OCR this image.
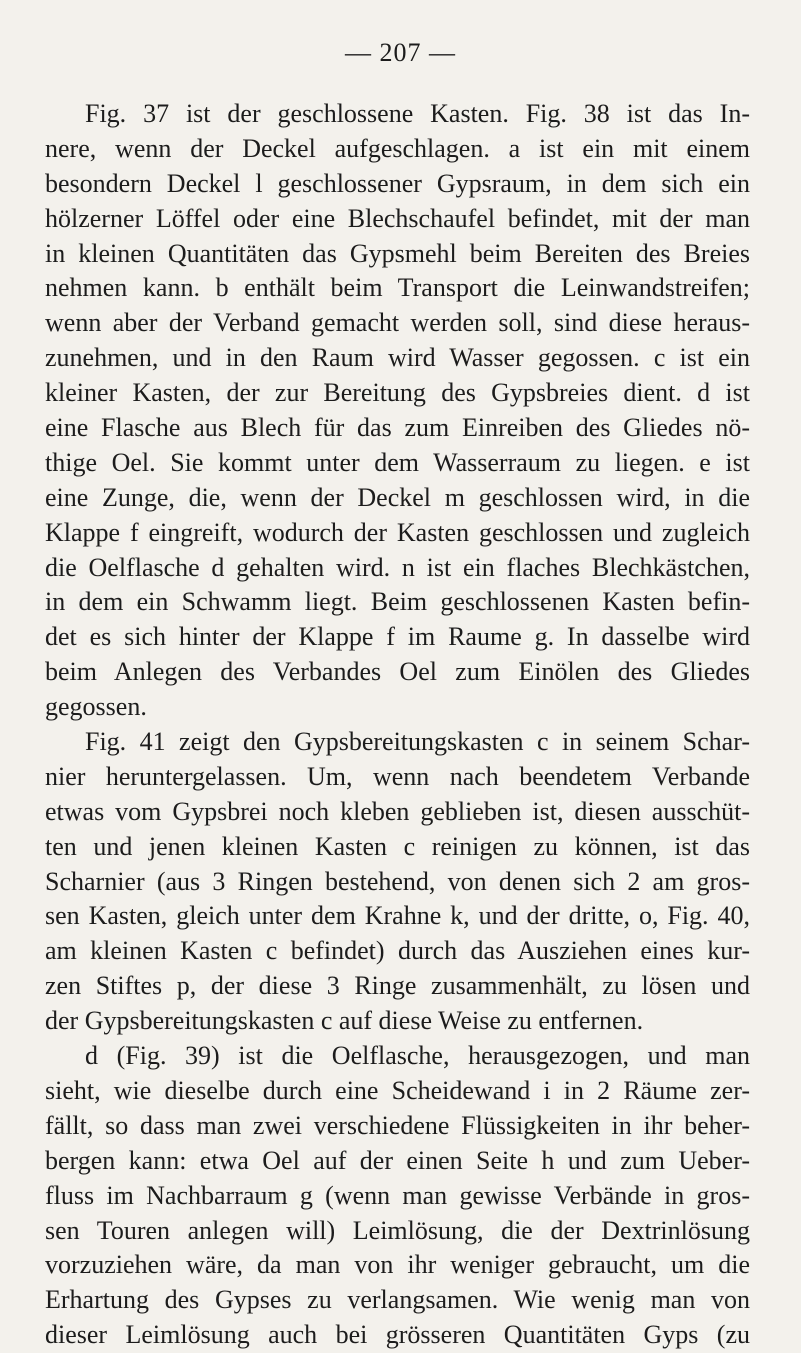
— 207 —
Fig. 37 ist der geschlossene Kasten. Fig. 38 ist das In-
nere, wenn der Deckel aufgeschlagen. a ist ein mit einem
besondern Deckel l geschlossener Gypsraum, in dem sich ein
hölzerner Löffel oder eine Blechschaufel befindet, mit der man
in kleinen Quantitäten das Gypsmehl beim Bereiten des Breies
nehmen kann. b enthält beim Transport die Leinwandstreifen;
wenn aber der Verband gemacht werden soll, sind diese heraus-
zunehmen, und in den Raum wird Wasser gegossen. c ist ein
kleiner Kasten, der zur Bereitung des Gypsbreies dient. d ist
eine Flasche aus Blech für das zum Einreiben des Gliedes nö-
thige Oel. Sie kommt unter dem Wasserraum zu liegen. e ist
eine Zunge, die, wenn der Deckel m geschlossen wird, in die
Klappe f eingreift, wodurch der Kasten geschlossen und zugleich
die Oelflasche d gehalten wird. n ist ein flaches Blechkästchen,
in dem ein Schwamm liegt. Beim geschlossenen Kasten befin-
det es sich hinter der Klappe f im Raume g. In dasselbe wird
beim Anlegen des Verbandes Oel zum Einölen des Gliedes
gegossen.
Fig. 41 zeigt den Gypsbereitungskasten c in seinem Schar-
nier heruntergelassen. Um, wenn nach beendetem Verbande
etwas vom Gypsbrei noch kleben geblieben ist, diesen ausschüt-
ten und jenen kleinen Kasten c reinigen zu können, ist das
Scharnier (aus 3 Ringen bestehend, von denen sich 2 am gros-
sen Kasten, gleich unter dem Krahne k, und der dritte, o, Fig. 40,
am kleinen Kasten c befindet) durch das Ausziehen eines kur-
zen Stiftes p, der diese 3 Ringe zusammenhält, zu lösen und
der Gypsbereitungskasten c auf diese Weise zu entfernen.
d (Fig. 39) ist die Oelflasche, herausgezogen, und man
sieht, wie dieselbe durch eine Scheidewand i in 2 Räume zer-
fällt, so dass man zwei verschiedene Flüssigkeiten in ihr beher-
bergen kann: etwa Oel auf der einen Seite h und zum Ueber-
fluss im Nachbarraum g (wenn man gewisse Verbände in gros-
sen Touren anlegen will) Leimlösung, die der Dextrinlösung
vorzuziehen wäre, da man von ihr weniger gebraucht, um die
Erhartung des Gypses zu verlangsamen. Wie wenig man von
dieser Leimlösung auch bei grösseren Quantitäten Gyps (zu
